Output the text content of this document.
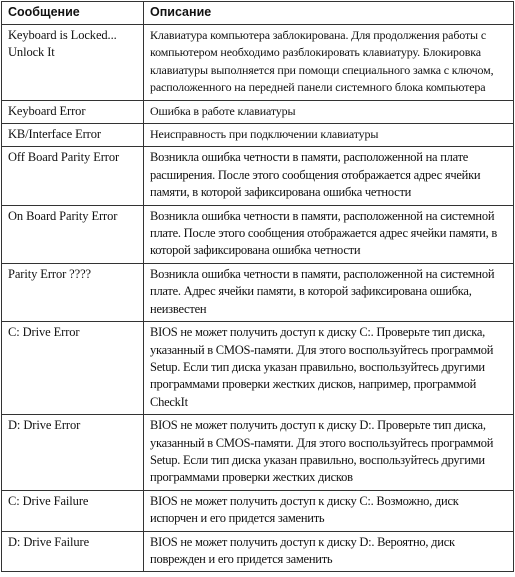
Сообщение	Описание
Keyboard is Locked... Unlock It	Клавиатура компьютера заблокирована. Для продолжения работы с компьютером необходимо разблокировать клавиатуру. Блокировка клавиатуры выполняется при помощи специального замка с ключом, расположенного на передней панели системного блока компьютера
Keyboard Error	Ошибка в работе клавиатуры
KB/Interface Error	Неисправность при подключении клавиатуры
Off Board Parity Error	Возникла ошибка четности в памяти, расположенной на плате расширения. После этого сообщения отображается адрес ячейки памяти, в которой зафиксирована ошибка четности
On Board Parity Error	Возникла ошибка четности в памяти, расположенной на системной плате. После этого сообщения отображается адрес ячейки памяти, в которой зафиксирована ошибка четности
Parity Error ????	Возникла ошибка четности в памяти, расположенной на системной плате. Адрес ячейки памяти, в которой зафиксирована ошибка, неизвестен
C: Drive Error	BIOS не может получить доступ к диску C:. Проверьте тип диска, указанный в CMOS-памяти. Для этого воспользуйтесь программой Setup. Если тип диска указан правильно, воспользуйтесь другими программами проверки жестких дисков, например, программой CheckIt
D: Drive Error	BIOS не может получить доступ к диску D:. Проверьте тип диска, указанный в CMOS-памяти. Для этого воспользуйтесь программой Setup. Если тип диска указан правильно, воспользуйтесь другими программами проверки жестких дисков
C: Drive Failure	BIOS не может получить доступ к диску C:. Возможно, диск испорчен и его придется заменить
D: Drive Failure	BIOS не может получить доступ к диску D:. Вероятно, диск поврежден и его придется заменить
